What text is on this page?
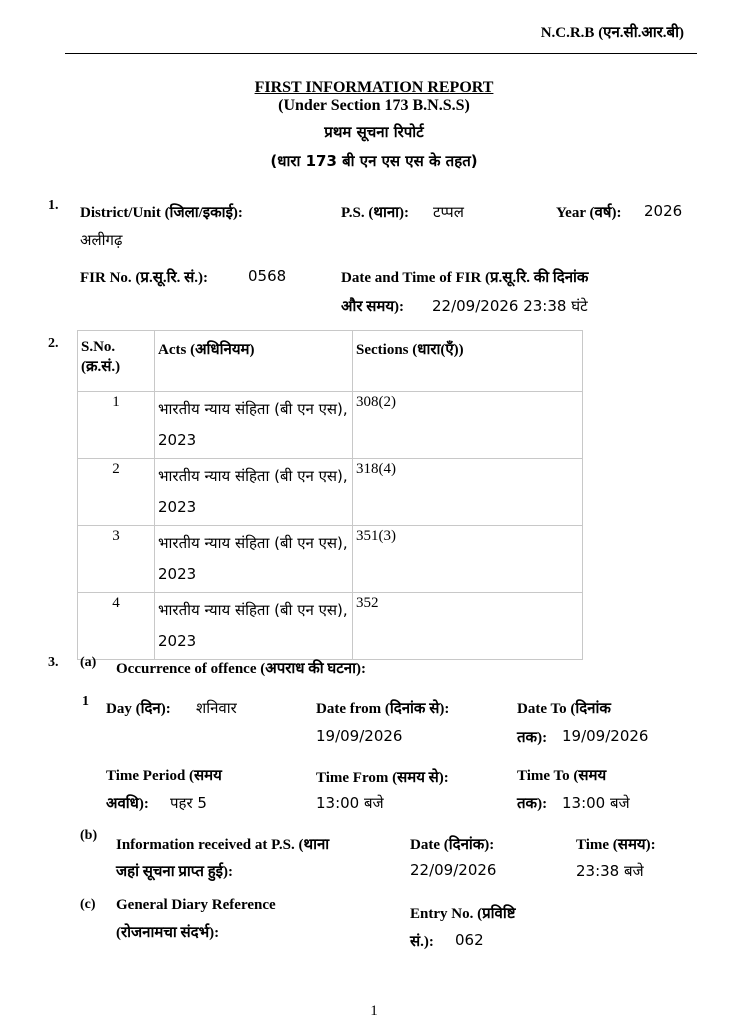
N.C.R.B (एन.सी.आर.बी)
FIRST INFORMATION REPORT
(Under Section 173 B.N.S.S)
प्रथम सूचना रिपोर्ट
(धारा 173 बी एन एस एस के तहत)
1. District/Unit (जिला/इकाई):
अलीगढ़
P.S. (थाना): टप्पल	Year (वर्ष): 2026
FIR No. (प्र.सू.रि. सं.):	0568	Date and Time of FIR (प्र.सू.रि. की दिनांक
और समय): 22/09/2026 23:38 घंटे
2. S.No.
(क्र.सं.)	Acts (अधिनियम)	Sections (धारा(एँ))
1	भारतीय न्याय संहिता (बी एन एस), 2023	308(2)
2	भारतीय न्याय संहिता (बी एन एस), 2023	318(4)
3	भारतीय न्याय संहिता (बी एन एस), 2023	351(3)
4	भारतीय न्याय संहिता (बी एन एस), 2023	352
3. (a) Occurrence of offence (अपराध की घटना):
1 Day (दिन): शनिवार	Date from (दिनांक से):
19/09/2026
Date To (दिनांक
तक): 19/09/2026
Time Period (समय
अवधि): पहर 5
Time From (समय से):
13:00 बजे
Time To (समय
तक): 13:00 बजे
(b)
Information received at P.S. (थाना
जहां सूचना प्राप्त हुई):
Date (दिनांक):
22/09/2026
Time (समय):
23:38 बजे
(c) General Diary Reference
(रोजनामचा संदर्भ):
Entry No. (प्रविष्टि
सं.): 062
1
